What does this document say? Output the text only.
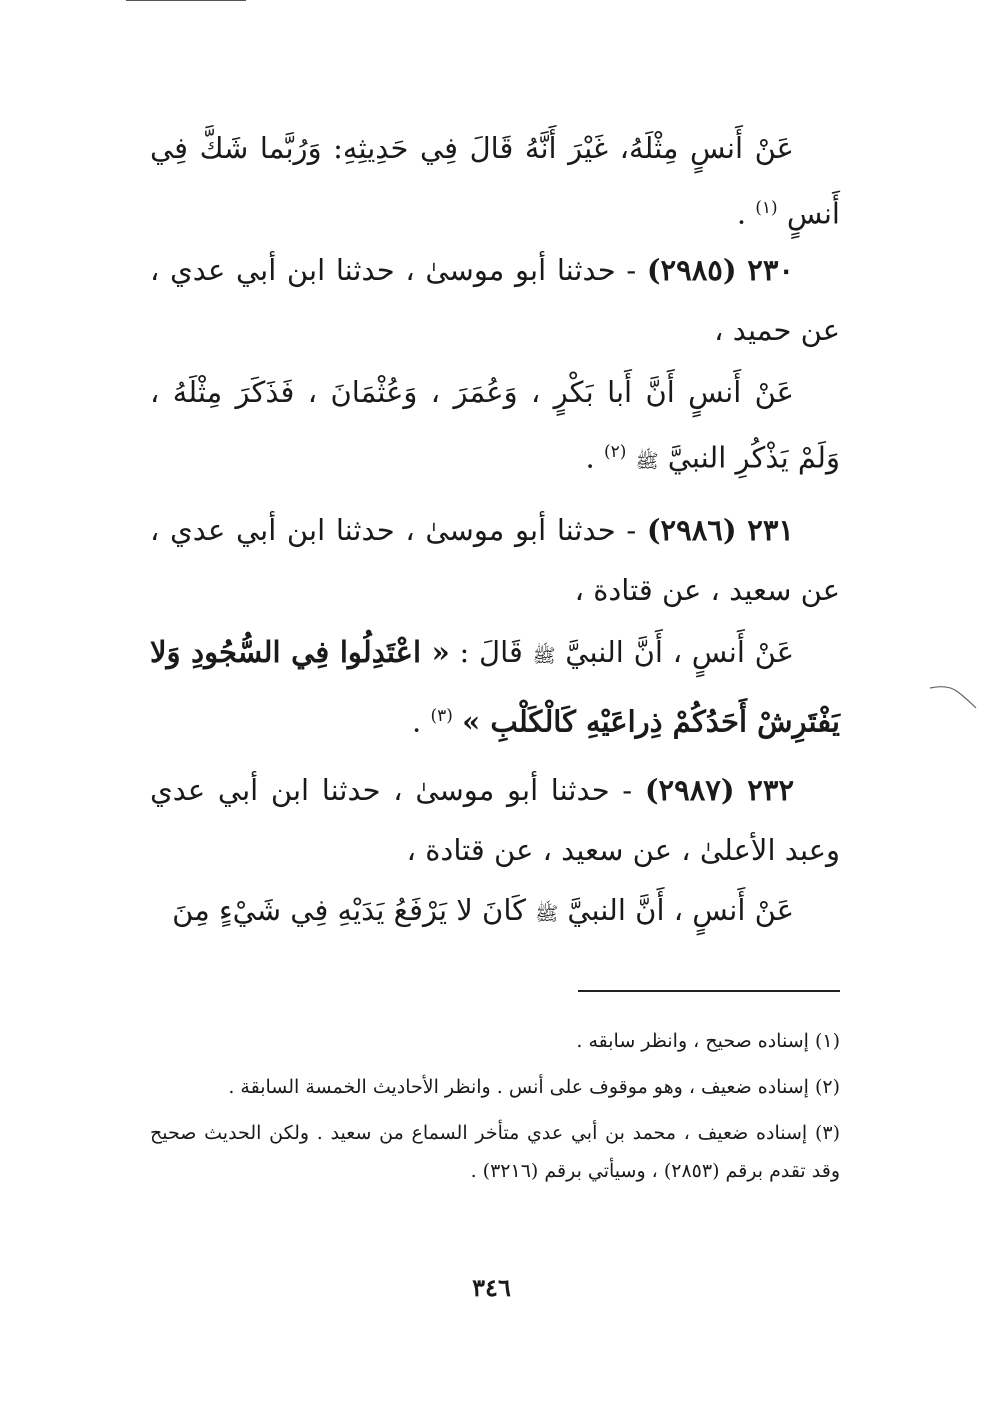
عَنْ أَنسٍ مِثْلَهُ، غَيْرَ أَنَّهُ قَالَ فِي حَدِيثِهِ: وَرُبَّما شَكَّ فِي أَنسٍ $^{(١)}$ .

٢٣٠ (٢٩٨٥) - حدثنا أبو موسىٰ ، حدثنا ابن أبي عدي ، عن حميد ،

عَنْ أَنسٍ أَنَّ أَبا بَكْرٍ ، وَعُمَرَ ، وَعُثْمَانَ ، فَذَكَرَ مِثْلَهُ ، وَلَمْ يَذْكُرِ النبيَّ ﷺ $^{(٢)}$ .

٢٣١ (٢٩٨٦) - حدثنا أبو موسىٰ ، حدثنا ابن أبي عدي ، عن سعيد ، عن قتادة ،

عَنْ أَنسٍ ، أَنَّ النبيَّ ﷺ قَالَ : « اعْتَدِلُوا فِي السُّجُودِ وَلا يَفْتَرِشْ أَحَدُكُمْ ذِراعَيْهِ كَالْكَلْبِ » $^{(٣)}$ .

٢٣٢ (٢٩٨٧) - حدثنا أبو موسىٰ ، حدثنا ابن أبي عدي وعبد الأعلىٰ ، عن سعيد ، عن قتادة ،

عَنْ أَنسٍ ، أَنَّ النبيَّ ﷺ كَانَ لا يَرْفَعُ يَدَيْهِ فِي شَيْءٍ مِنَ

(١) إسناده صحيح ، وانظر سابقه .

(٢) إسناده ضعيف ، وهو موقوف على أنس . وانظر الأحاديث الخمسة السابقة .

(٣) إسناده ضعيف ، محمد بن أبي عدي متأخر السماع من سعيد . ولكن الحديث صحيح وقد تقدم برقم (٢٨٥٣) ، وسيأتي برقم (٣٢١٦) .

٣٤٦
